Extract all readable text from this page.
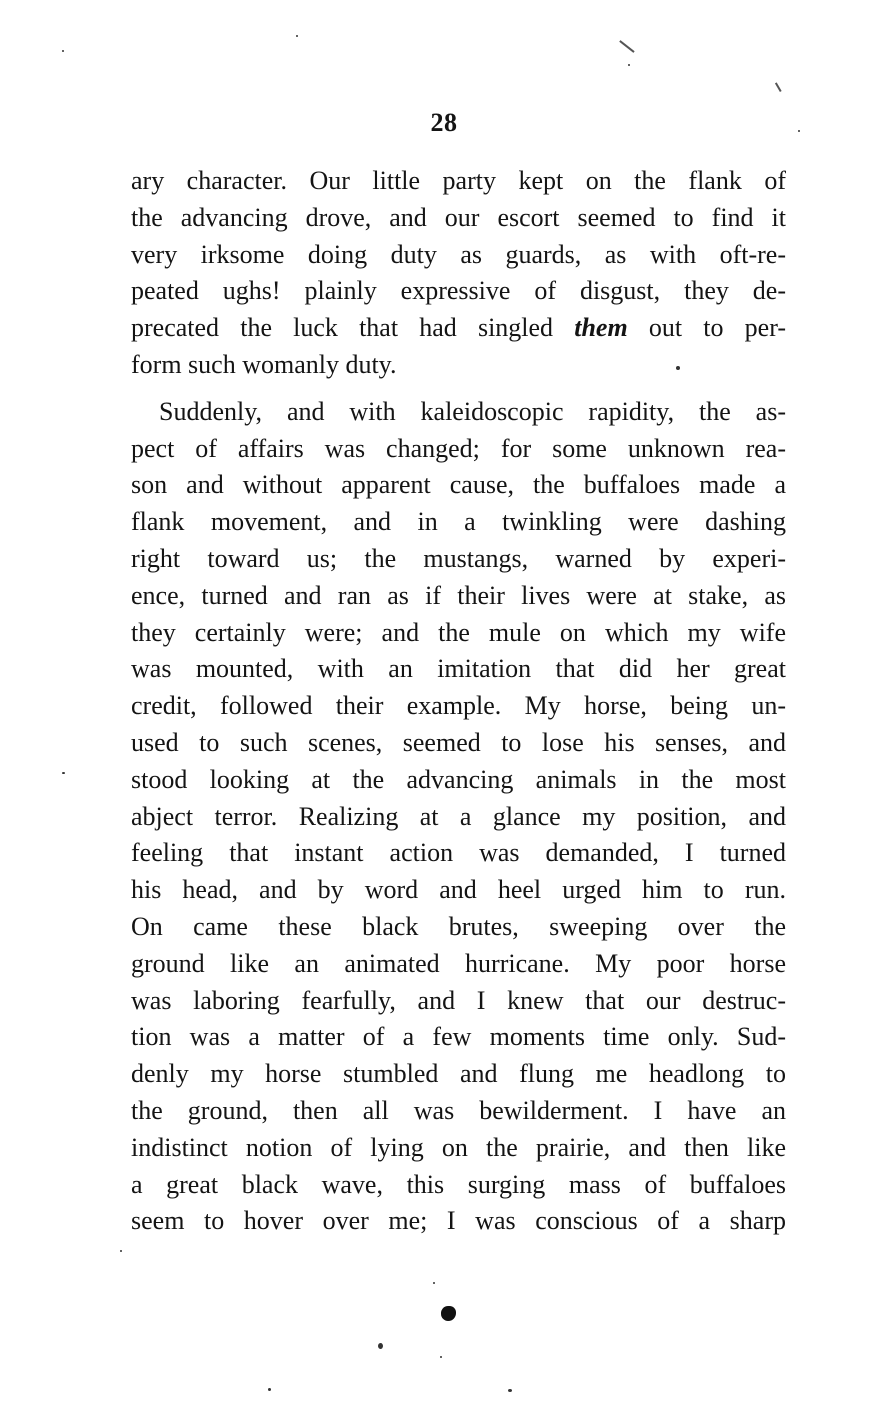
28
ary character. Our little party kept on the flank of
the advancing drove, and our escort seemed to find it
very irksome doing duty as guards, as with oft-re-
peated ughs! plainly expressive of disgust, they de-
precated the luck that had singled them out to per-
form such womanly duty.
Suddenly, and with kaleidoscopic rapidity, the as-
pect of affairs was changed; for some unknown rea-
son and without apparent cause, the buffaloes made a
flank movement, and in a twinkling were dashing
right toward us; the mustangs, warned by experi-
ence, turned and ran as if their lives were at stake, as
they certainly were; and the mule on which my wife
was mounted, with an imitation that did her great
credit, followed their example. My horse, being un-
used to such scenes, seemed to lose his senses, and
stood looking at the advancing animals in the most
abject terror. Realizing at a glance my position, and
feeling that instant action was demanded, I turned
his head, and by word and heel urged him to run.
On came these black brutes, sweeping over the
ground like an animated hurricane. My poor horse
was laboring fearfully, and I knew that our destruc-
tion was a matter of a few moments time only. Sud-
denly my horse stumbled and flung me headlong to
the ground, then all was bewilderment. I have an
indistinct notion of lying on the prairie, and then like
a great black wave, this surging mass of buffaloes
seem to hover over me; I was conscious of a sharp
